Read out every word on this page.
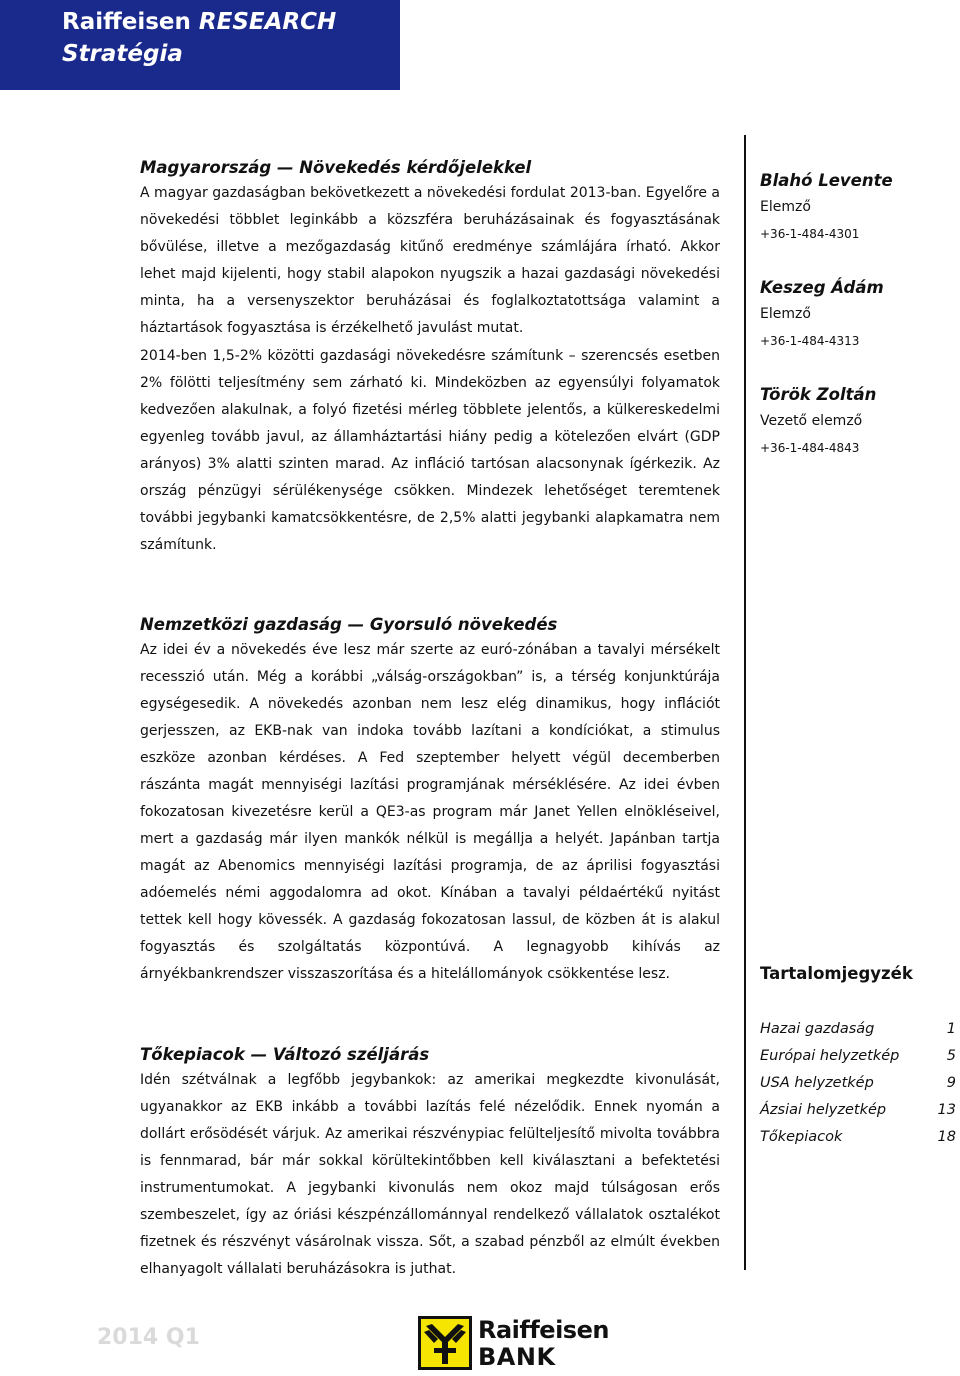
Raiffeisen RESEARCH
Stratégia
Magyarország — Növekedés kérdőjelekkel

A magyar gazdaságban bekövetkezett a növekedési fordulat 2013-ban. Egyelőre a növekedési többlet leginkább a közszféra beruházásainak és fogyasztásának bővülése, illetve a mezőgazdaság kitűnő eredménye számlájára írható. Akkor lehet majd kijelenti, hogy stabil alapokon nyugszik a hazai gazdasági növekedési minta, ha a versenyszektor beruházásai és foglalkoztatottsága valamint a háztartások fogyasztása is érzékelhető javulást mutat.

2014-ben 1,5-2% közötti gazdasági növekedésre számítunk – szerencsés esetben 2% fölötti teljesítmény sem zárható ki. Mindeközben az egyensúlyi folyamatok kedvezően alakulnak, a folyó fizetési mérleg többlete jelentős, a külkereskedelmi egyenleg tovább javul, az államháztartási hiány pedig a kötelezően elvárt (GDP arányos) 3% alatti szinten marad. Az infláció tartósan alacsonynak ígérkezik. Az ország pénzügyi sérülékenysége csökken. Mindezek lehetőséget teremtenek további jegybanki kamatcsökkentésre, de 2,5% alatti jegybanki alapkamatra nem számítunk.

Nemzetközi gazdaság — Gyorsuló növekedés

Az idei év a növekedés éve lesz már szerte az euró-zónában a tavalyi mérsékelt recesszió után. Még a korábbi „válság-országokban” is, a térség konjunktúrája egységesedik. A növekedés azonban nem lesz elég dinamikus, hogy inflációt gerjesszen, az EKB-nak van indoka tovább lazítani a kondíciókat, a stimulus eszköze azonban kérdéses. A Fed szeptember helyett végül decemberben rászánta magát mennyiségi lazítási programjának mérséklésére. Az idei évben fokozatosan kivezetésre kerül a QE3-as program már Janet Yellen elnökléseivel, mert a gazdaság már ilyen mankók nélkül is megállja a helyét. Japánban tartja magát az Abenomics mennyiségi lazítási programja, de az áprilisi fogyasztási adóemelés némi aggodalomra ad okot. Kínában a tavalyi példaértékű nyitást tettek kell hogy kövessék. A gazdaság fokozatosan lassul, de közben át is alakul fogyasztás és szolgáltatás központúvá. A legnagyobb kihívás az árnyékbankrendszer visszaszorítása és a hitelállományok csökkentése lesz.

Tőkepiacok — Változó széljárás

Idén szétválnak a legfőbb jegybankok: az amerikai megkezdte kivonulását, ugyanakkor az EKB inkább a további lazítás felé nézelődik. Ennek nyomán a dollárt erősödését várjuk. Az amerikai részvénypiac felülteljesítő mivolta továbbra is fennmarad, bár már sokkal körültekintőbben kell kiválasztani a befektetési instrumentumokat. A jegybanki kivonulás nem okoz majd túlságosan erős szembeszelet, így az óriási készpénzállománnyal rendelkező vállalatok osztalékot fizetnek és részvényt vásárolnak vissza. Sőt, a szabad pénzből az elmúlt években elhanyagolt vállalati beruházásokra is juthat.

Blahó Levente
Elemző
+36-1-484-4301
Keszeg Ádám
Elemző
+36-1-484-4313
Török Zoltán
Vezető elemző
+36-1-484-4843
Tartalomjegyzék
Hazai gazdaság	1
Európai helyzetkép	5
USA helyzetkép	9
Ázsiai helyzetkép	13
Tőkepiacok	18
2014 Q1	Raiffeisen
BANK
